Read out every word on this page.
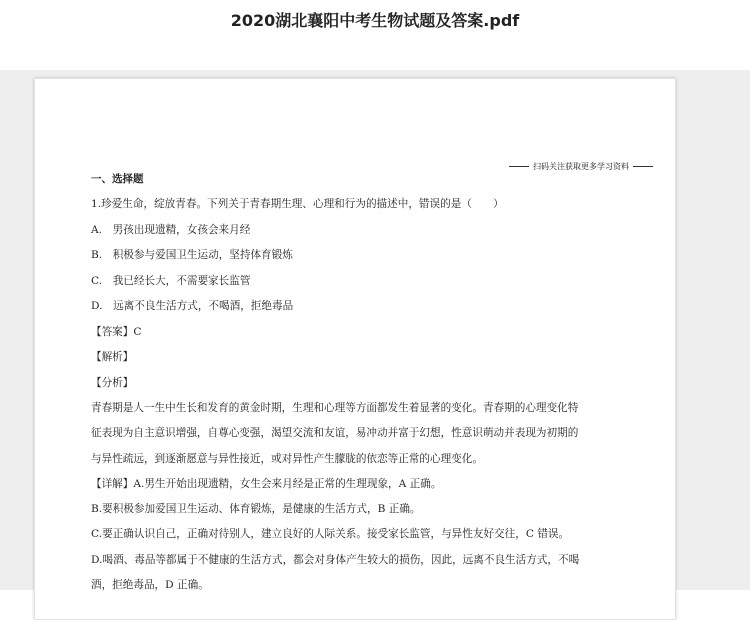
2020湖北襄阳中考生物试题及答案.pdf
扫码关注获取更多学习资料
一、选择题
1.珍爱生命，绽放青春。下列关于青春期生理、心理和行为的描述中，错误的是（　　）
A.　男孩出现遗精，女孩会来月经
B.　积极参与爱国卫生运动，坚持体育锻炼
C.　我已经长大，不需要家长监管
D.　远离不良生活方式，不喝酒，拒绝毒品
【答案】C
【解析】
【分析】
青春期是人一生中生长和发育的黄金时期，生理和心理等方面都发生着显著的变化。青春期的心理变化特
征表现为自主意识增强，自尊心变强，渴望交流和友谊，易冲动并富于幻想，性意识萌动并表现为初期的
与异性疏远，到逐渐愿意与异性接近，或对异性产生朦胧的依恋等正常的心理变化。
【详解】A.男生开始出现遗精，女生会来月经是正常的生理现象，A 正确。
B.要积极参加爱国卫生运动、体育锻炼，是健康的生活方式，B 正确。
C.要正确认识自己，正确对待别人，建立良好的人际关系。接受家长监管，与异性友好交往，C 错误。
D.喝酒、毒品等都属于不健康的生活方式，都会对身体产生较大的损伤，因此，远离不良生活方式，不喝
酒，拒绝毒品，D 正确。
